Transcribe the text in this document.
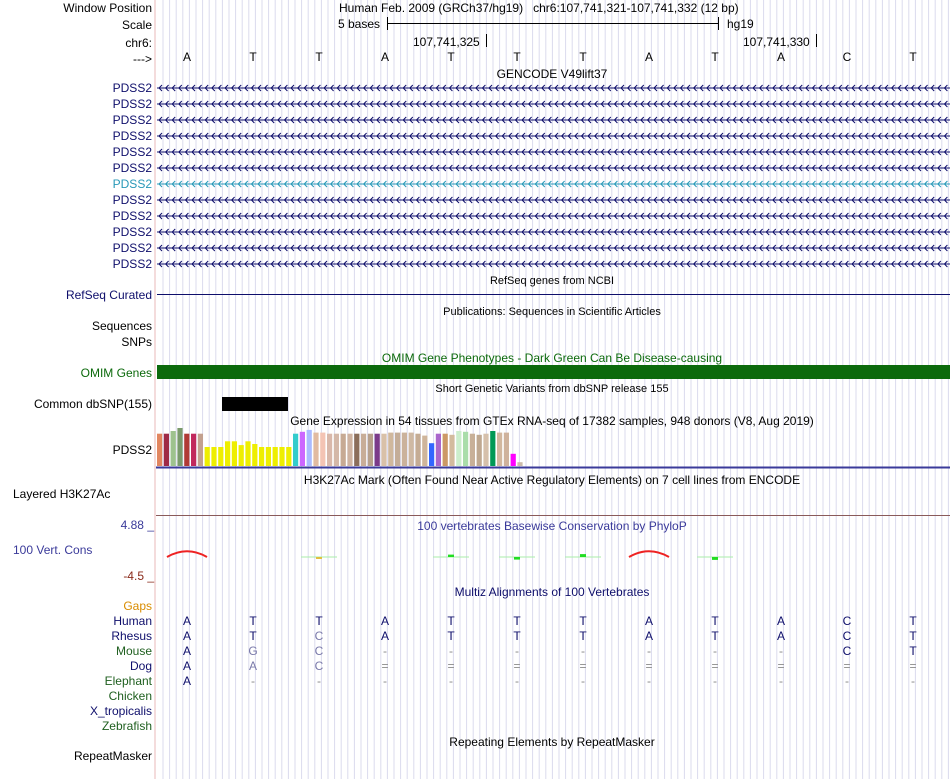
Window Position
Scale
chr6:
--->
Human Feb. 2009 (GRCh37/hg19) chr6:107,741,321-107,741,332 (12 bp)
5 bases	hg19
107,741,325	107,741,330
A	T	T	A	T	T	T	A	T	A	C	T
GENCODE V49lift37
PDSS2
PDSS2
PDSS2
PDSS2
PDSS2
PDSS2
PDSS2
PDSS2
PDSS2
PDSS2
PDSS2
PDSS2
RefSeq genes from NCBI
RefSeq Curated
Publications: Sequences in Scientific Articles
Sequences
SNPs
OMIM Gene Phenotypes - Dark Green Can Be Disease-causing
OMIM Genes
Short Genetic Variants from dbSNP release 155
Common dbSNP(155)
Gene Expression in 54 tissues from GTEx RNA-seq of 17382 samples, 948 donors (V8, Aug 2019)
PDSS2
H3K27Ac Mark (Often Found Near Active Regulatory Elements) on 7 cell lines from ENCODE
Layered H3K27Ac
100 vertebrates Basewise Conservation by PhyloP
4.88 _
100 Vert. Cons
-4.5 _
Multiz Alignments of 100 Vertebrates
Gaps
Human	A	T	T	A	T	T	T	A	T	A	C	T
Rhesus	A	T	C	A	T	T	T	A	T	A	C	T
Mouse	A	G	C	-	-	-	-	-	-	-	C	T
Dog	A	A	C	=	=	=	=	=	=	=	=	=
Elephant	A	-	-	-	-	-	-	-	-	-	-	-
Chicken
X_tropicalis
Zebrafish
Repeating Elements by RepeatMasker
RepeatMasker
